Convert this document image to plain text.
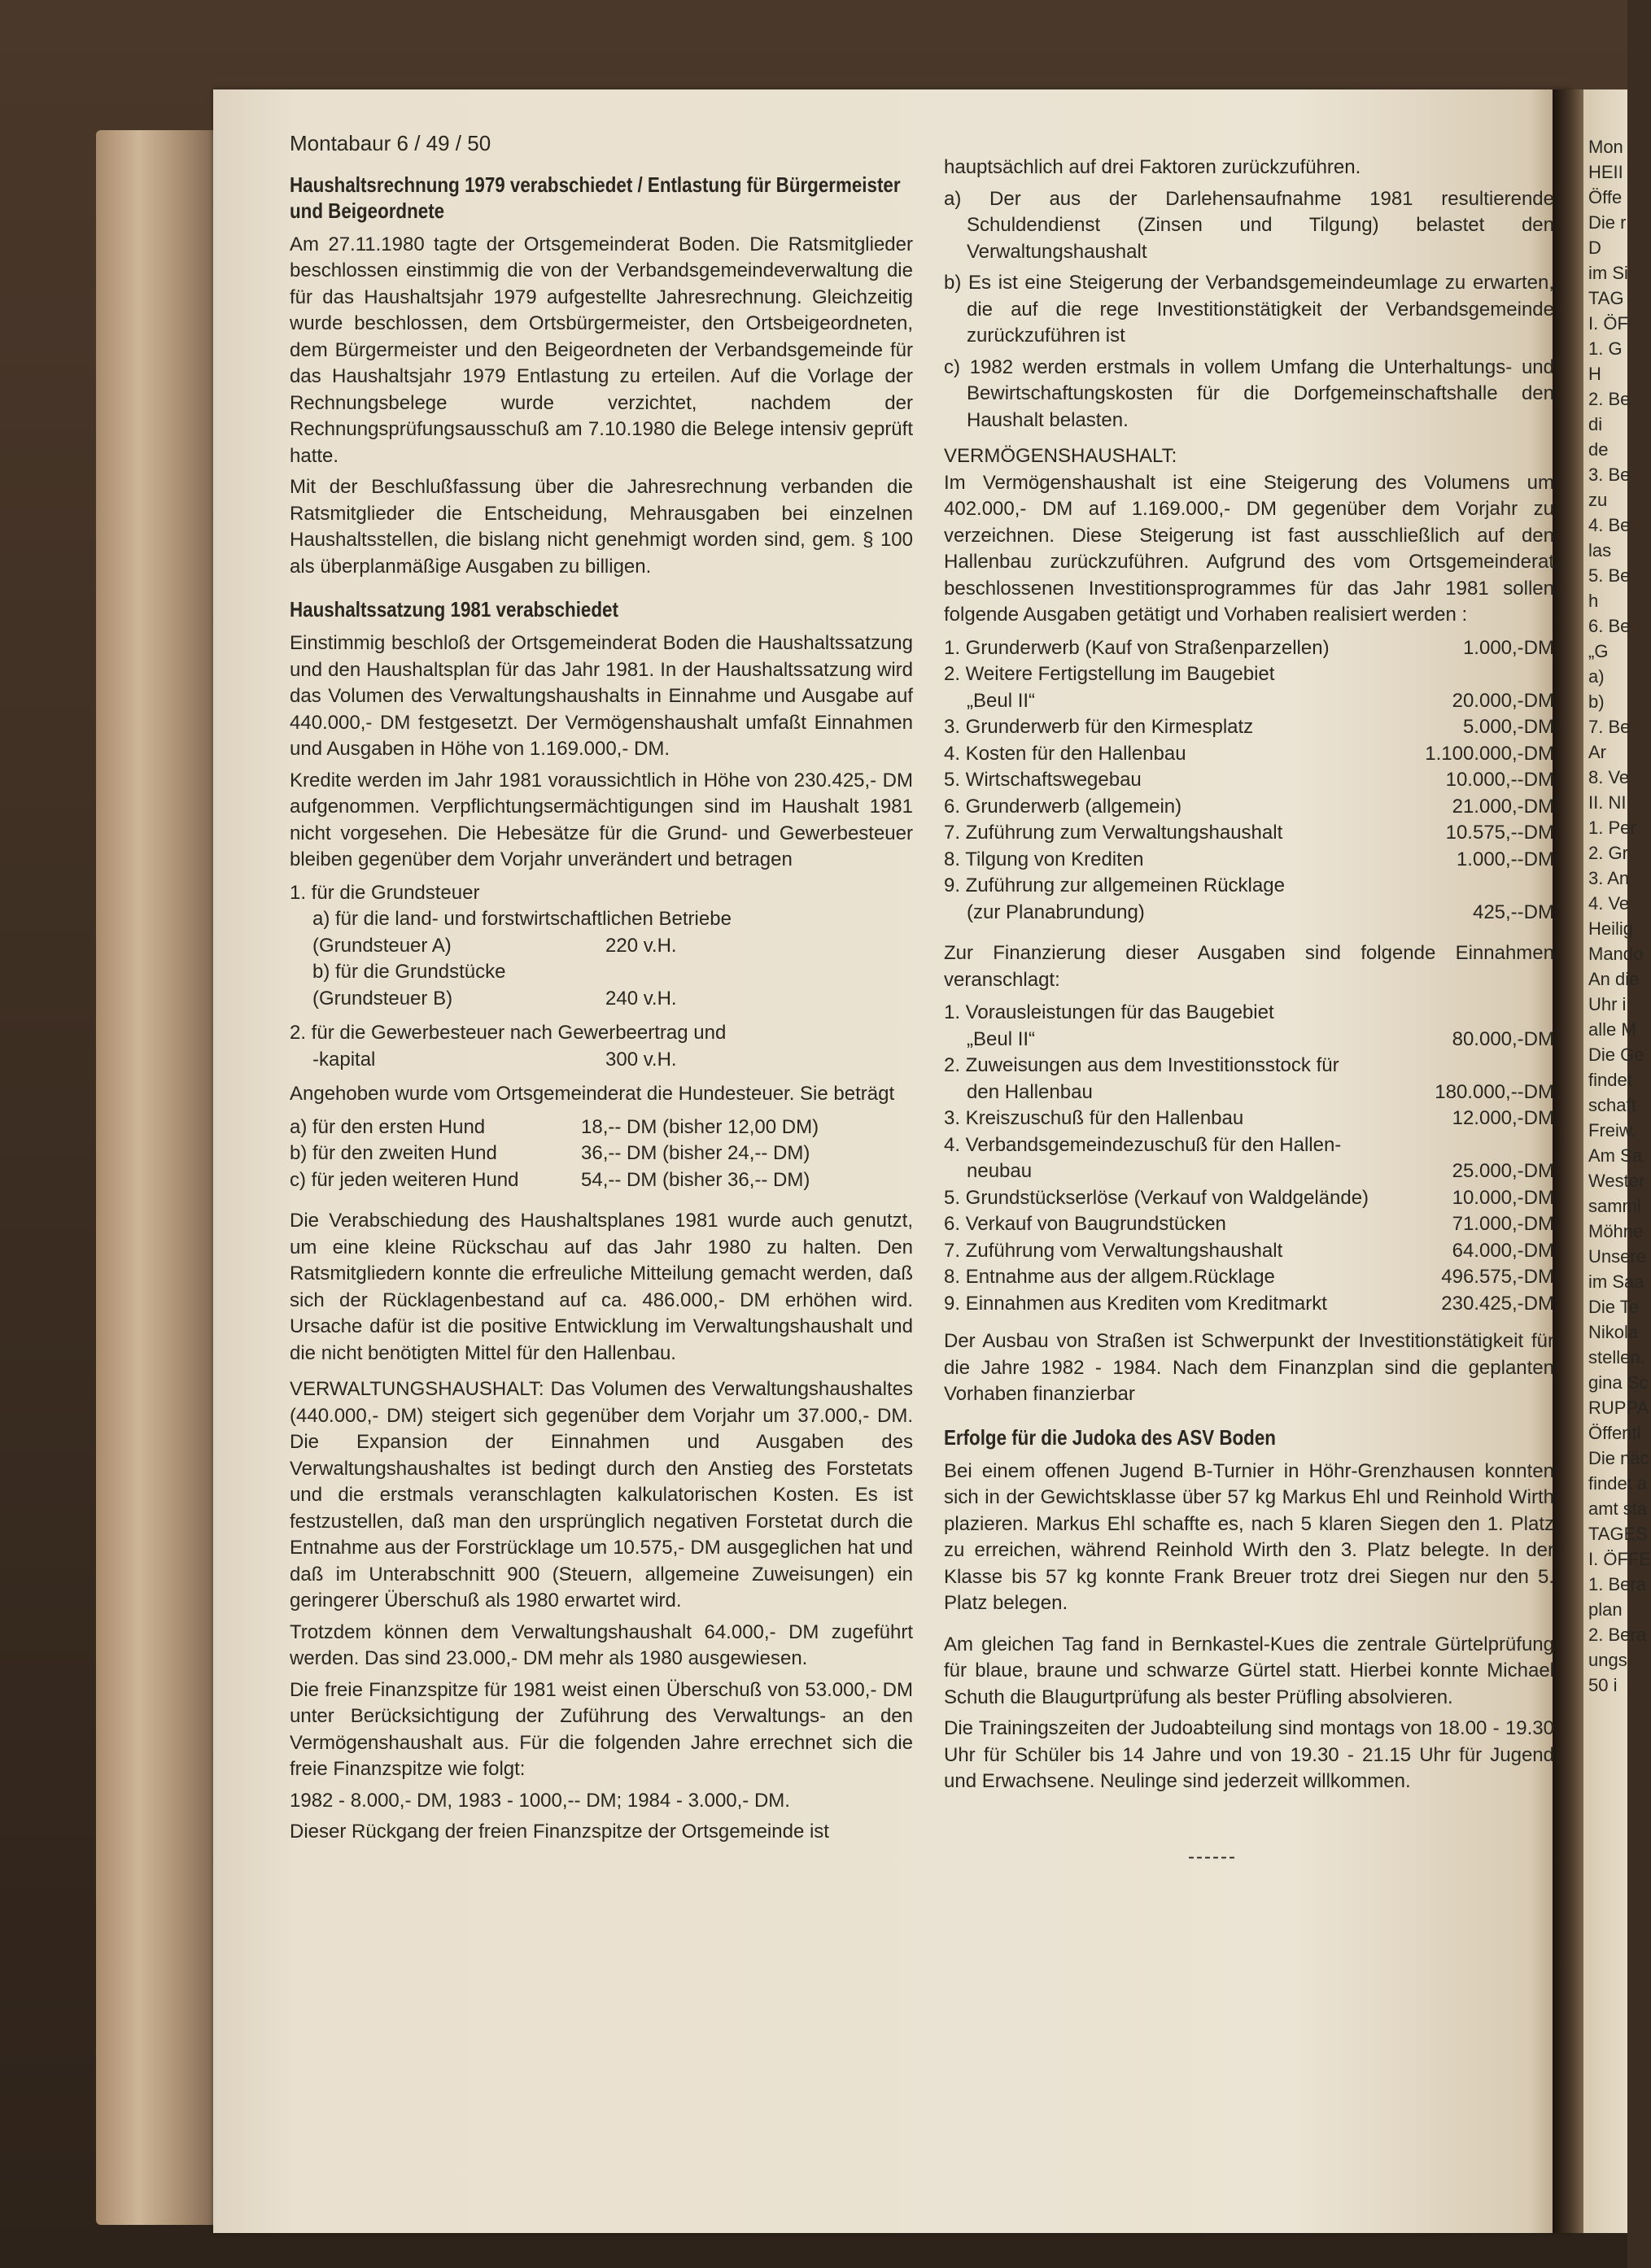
Montabaur 6 / 49 / 50
Haushaltsrechnung 1979 verabschiedet / Entlastung für Bürgermeister und Beigeordnete

Am 27.11.1980 tagte der Ortsgemeinderat Boden. Die Ratsmitglieder beschlossen einstimmig die von der Verbandsgemeindeverwaltung die für das Haushaltsjahr 1979 aufgestellte Jahresrechnung. Gleichzeitig wurde beschlossen, dem Ortsbürgermeister, den Ortsbeigeordneten, dem Bürgermeister und den Beigeordneten der Verbandsgemeinde für das Haushaltsjahr 1979 Entlastung zu erteilen. Auf die Vorlage der Rechnungsbelege wurde verzichtet, nachdem der Rechnungsprüfungsausschuß am 7.10.1980 die Belege intensiv geprüft hatte.

Mit der Beschlußfassung über die Jahresrechnung verbanden die Ratsmitglieder die Entscheidung, Mehrausgaben bei einzelnen Haushaltsstellen, die bislang nicht genehmigt worden sind, gem. § 100 als überplanmäßige Ausgaben zu billigen.

Haushaltssatzung 1981 verabschiedet

Einstimmig beschloß der Ortsgemeinderat Boden die Haushaltssatzung und den Haushaltsplan für das Jahr 1981. In der Haushaltssatzung wird das Volumen des Verwaltungshaushalts in Einnahme und Ausgabe auf 440.000,- DM festgesetzt. Der Vermögenshaushalt umfaßt Einnahmen und Ausgaben in Höhe von 1.169.000,- DM.

Kredite werden im Jahr 1981 voraussichtlich in Höhe von 230.425,- DM aufgenommen. Verpflichtungsermächtigungen sind im Haushalt 1981 nicht vorgesehen. Die Hebesätze für die Grund- und Gewerbesteuer bleiben gegenüber dem Vorjahr unverändert und betragen

1. für die Grundsteuer
a) für die land- und forstwirtschaftlichen Betriebe
(Grundsteuer A)	220 v.H.
b) für die Grundstücke
(Grundsteuer B)	240 v.H.
2. für die Gewerbesteuer nach Gewerbeertrag und
-kapital	300 v.H.

Angehoben wurde vom Ortsgemeinderat die Hundesteuer. Sie beträgt

a) für den ersten Hund	18,-- DM (bisher 12,00 DM)
b) für den zweiten Hund	36,-- DM (bisher 24,-- DM)
c) für jeden weiteren Hund	54,-- DM (bisher 36,-- DM)

Die Verabschiedung des Haushaltsplanes 1981 wurde auch genutzt, um eine kleine Rückschau auf das Jahr 1980 zu halten. Den Ratsmitgliedern konnte die erfreuliche Mitteilung gemacht werden, daß sich der Rücklagenbestand auf ca. 486.000,- DM erhöhen wird. Ursache dafür ist die positive Entwicklung im Verwaltungshaushalt und die nicht benötigten Mittel für den Hallenbau.

VERWALTUNGSHAUSHALT: Das Volumen des Verwaltungshaushaltes (440.000,- DM) steigert sich gegenüber dem Vorjahr um 37.000,- DM. Die Expansion der Einnahmen und Ausgaben des Verwaltungshaushaltes ist bedingt durch den Anstieg des Forstetats und die erstmals veranschlagten kalkulatorischen Kosten. Es ist festzustellen, daß man den ursprünglich negativen Forstetat durch die Entnahme aus der Forstrücklage um 10.575,- DM ausgeglichen hat und daß im Unterabschnitt 900 (Steuern, allgemeine Zuweisungen) ein geringerer Überschuß als 1980 erwartet wird.

Trotzdem können dem Verwaltungshaushalt 64.000,- DM zugeführt werden. Das sind 23.000,- DM mehr als 1980 ausgewiesen.

Die freie Finanzspitze für 1981 weist einen Überschuß von 53.000,- DM unter Berücksichtigung der Zuführung des Verwaltungs- an den Vermögenshaushalt aus. Für die folgenden Jahre errechnet sich die freie Finanzspitze wie folgt:

1982 - 8.000,- DM, 1983 - 1000,-- DM; 1984 - 3.000,- DM.

Dieser Rückgang der freien Finanzspitze der Ortsgemeinde ist

hauptsächlich auf drei Faktoren zurückzuführen.

a) Der aus der Darlehensaufnahme 1981 resultierende Schuldendienst (Zinsen und Tilgung) belastet den Verwaltungshaushalt

b) Es ist eine Steigerung der Verbandsgemeindeumlage zu erwarten, die auf die rege Investitionstätigkeit der Verbandsgemeinde zurückzuführen ist

c) 1982 werden erstmals in vollem Umfang die Unterhaltungs- und Bewirtschaftungskosten für die Dorfgemeinschaftshalle den Haushalt belasten.

VERMÖGENSHAUSHALT:

Im Vermögenshaushalt ist eine Steigerung des Volumens um 402.000,- DM auf 1.169.000,- DM gegenüber dem Vorjahr zu verzeichnen. Diese Steigerung ist fast ausschließlich auf den Hallenbau zurückzuführen. Aufgrund des vom Ortsgemeinderat beschlossenen Investitionsprogrammes für das Jahr 1981 sollen folgende Ausgaben getätigt und Vorhaben realisiert werden :

1. Grunderwerb (Kauf von Straßenparzellen)	1.000,-DM
2. Weitere Fertigstellung im Baugebiet
„Beul II“	20.000,-DM
3. Grunderwerb für den Kirmesplatz	5.000,-DM
4. Kosten für den Hallenbau	1.100.000,-DM
5. Wirtschaftswegebau	10.000,--DM
6. Grunderwerb (allgemein)	21.000,-DM
7. Zuführung zum Verwaltungshaushalt	10.575,--DM
8. Tilgung von Krediten	1.000,--DM
9. Zuführung zur allgemeinen Rücklage
(zur Planabrundung)	425,--DM

Zur Finanzierung dieser Ausgaben sind folgende Einnahmen veranschlagt:

1. Vorausleistungen für das Baugebiet
„Beul II“	80.000,-DM
2. Zuweisungen aus dem Investitionsstock für
den Hallenbau	180.000,--DM
3. Kreiszuschuß für den Hallenbau	12.000,-DM
4. Verbandsgemeindezuschuß für den Hallen-
neubau	25.000,-DM
5. Grundstückserlöse (Verkauf von Waldgelände)	10.000,-DM
6. Verkauf von Baugrundstücken	71.000,-DM
7. Zuführung vom Verwaltungshaushalt	64.000,-DM
8. Entnahme aus der allgem.Rücklage	496.575,-DM
9. Einnahmen aus Krediten vom Kreditmarkt	230.425,-DM

Der Ausbau von Straßen ist Schwerpunkt der Investitionstätigkeit für die Jahre 1982 - 1984. Nach dem Finanzplan sind die geplanten Vorhaben finanzierbar

Erfolge für die Judoka des ASV Boden

Bei einem offenen Jugend B-Turnier in Höhr-Grenzhausen konnten sich in der Gewichtsklasse über 57 kg Markus Ehl und Reinhold Wirth plazieren. Markus Ehl schaffte es, nach 5 klaren Siegen den 1. Platz zu erreichen, während Reinhold Wirth den 3. Platz belegte. In der Klasse bis 57 kg konnte Frank Breuer trotz drei Siegen nur den 5. Platz belegen.

Am gleichen Tag fand in Bernkastel-Kues die zentrale Gürtelprüfung für blaue, braune und schwarze Gürtel statt. Hierbei konnte Michael Schuth die Blaugurtprüfung als bester Prüfling absolvieren.

Die Trainingszeiten der Judoabteilung sind montags von 18.00 - 19.30 Uhr für Schüler bis 14 Jahre und von 19.30 - 21.15 Uhr für Jugend und Erwachsene. Neulinge sind jederzeit willkommen.

------
Mon
HEII
Öffe
Die r
D
im Si
TAG
I. ÖF
1. G
H
2. Be
di
de
3. Be
zu
4. Be
las
5. Be
h
6. Be
„G
a)
b)
7. Be
Ar
8. Ve
II. NI
1. Per
2. Gr
3. An
4. Ve
Heilig
Mando
An die
Uhr i
alle M
Die Ge
findet
schaft
Freiw.
Am Sa
Wester
samml
Möhne
Unsere
im Saa
Die Te
Nikola
stellen.
gina Sc
RUPPA
Öffentl
Die näc
findet a
amt sta
TAGES
I. ÖFFE
1. Bera
plan
2. Bera
ungs
50 i
